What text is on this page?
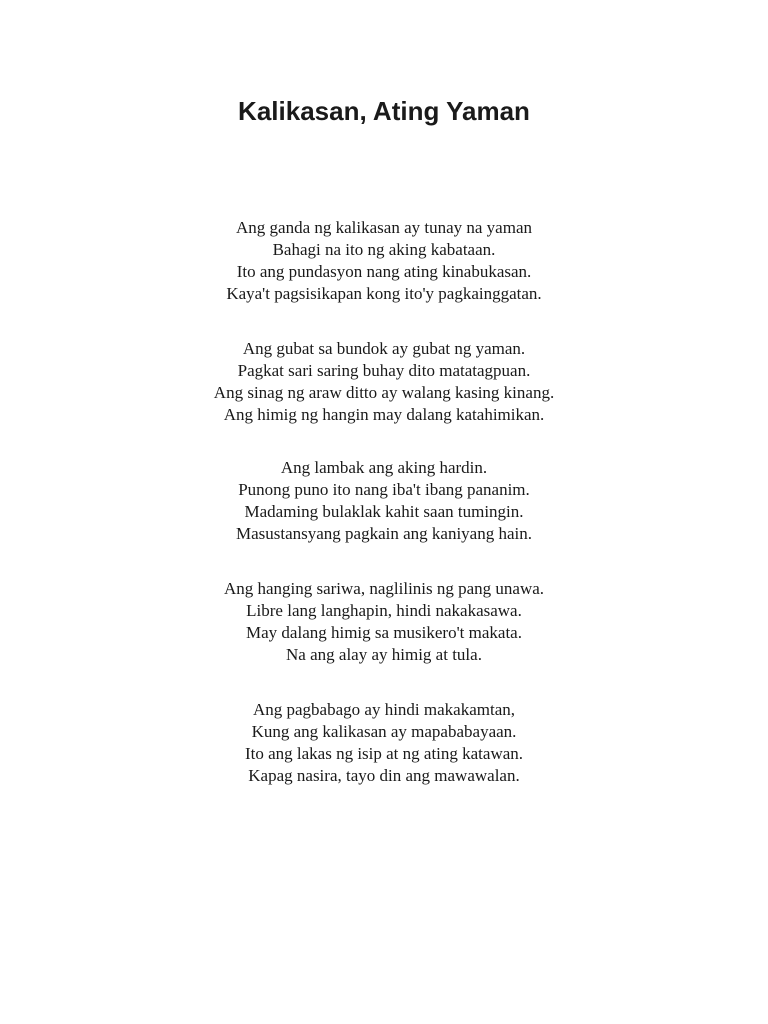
Kalikasan, Ating Yaman
Ang ganda ng kalikasan ay tunay na yaman
Bahagi na ito ng aking kabataan.
Ito ang pundasyon nang ating kinabukasan.
Kaya't pagsisikapan kong ito'y pagkainggatan.
Ang gubat sa bundok ay gubat ng yaman.
Pagkat sari saring buhay dito matatagpuan.
Ang sinag ng araw ditto ay walang kasing kinang.
Ang himig ng hangin may dalang katahimikan.
Ang lambak ang aking hardin.
Punong puno ito nang iba't ibang pananim.
Madaming bulaklak kahit saan tumingin.
Masustansyang pagkain ang kaniyang hain.
Ang hanging sariwa, naglilinis ng pang unawa.
Libre lang langhapin, hindi nakakasawa.
May dalang himig sa musikero't makata.
Na ang alay ay himig at tula.
Ang pagbabago ay hindi makakamtan,
Kung ang kalikasan ay mapababayaan.
Ito ang lakas ng isip at ng ating katawan.
Kapag nasira, tayo din ang mawawalan.
